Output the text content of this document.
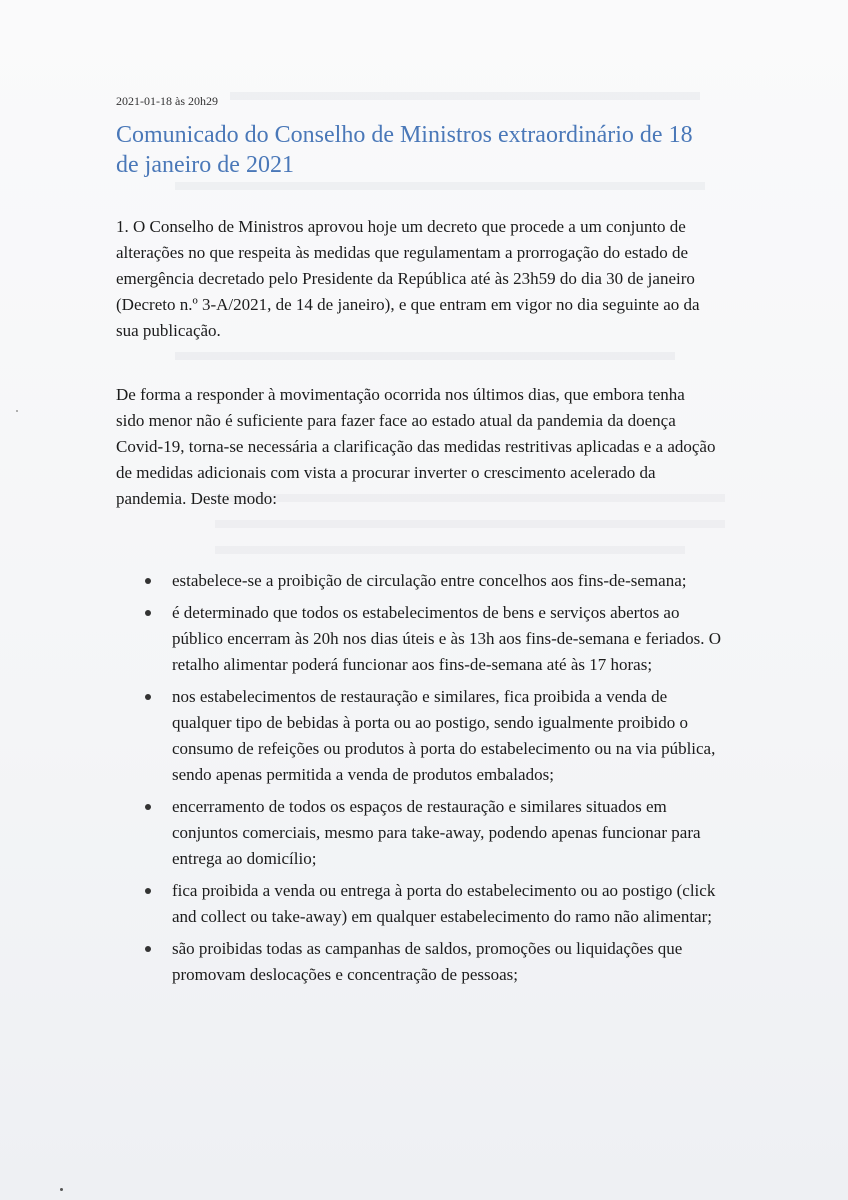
2021-01-18 às 20h29
Comunicado do Conselho de Ministros extraordinário de 18 de janeiro de 2021

1. O Conselho de Ministros aprovou hoje um decreto que procede a um conjunto de alterações no que respeita às medidas que regulamentam a prorrogação do estado de emergência decretado pelo Presidente da República até às 23h59 do dia 30 de janeiro (Decreto n.º 3-A/2021, de 14 de janeiro), e que entram em vigor no dia seguinte ao da sua publicação.

De forma a responder à movimentação ocorrida nos últimos dias, que embora tenha sido menor não é suficiente para fazer face ao estado atual da pandemia da doença Covid-19, torna-se necessária a clarificação das medidas restritivas aplicadas e a adoção de medidas adicionais com vista a procurar inverter o crescimento acelerado da pandemia. Deste modo:

estabelece-se a proibição de circulação entre concelhos aos fins-de-semana;
é determinado que todos os estabelecimentos de bens e serviços abertos ao público encerram às 20h nos dias úteis e às 13h aos fins-de-semana e feriados. O retalho alimentar poderá funcionar aos fins-de-semana até às 17 horas;
nos estabelecimentos de restauração e similares, fica proibida a venda de qualquer tipo de bebidas à porta ou ao postigo, sendo igualmente proibido o consumo de refeições ou produtos à porta do estabelecimento ou na via pública, sendo apenas permitida a venda de produtos embalados;
encerramento de todos os espaços de restauração e similares situados em conjuntos comerciais, mesmo para take-away, podendo apenas funcionar para entrega ao domicílio;
fica proibida a venda ou entrega à porta do estabelecimento ou ao postigo (click and collect ou take-away) em qualquer estabelecimento do ramo não alimentar;
são proibidas todas as campanhas de saldos, promoções ou liquidações que promovam deslocações e concentração de pessoas;
